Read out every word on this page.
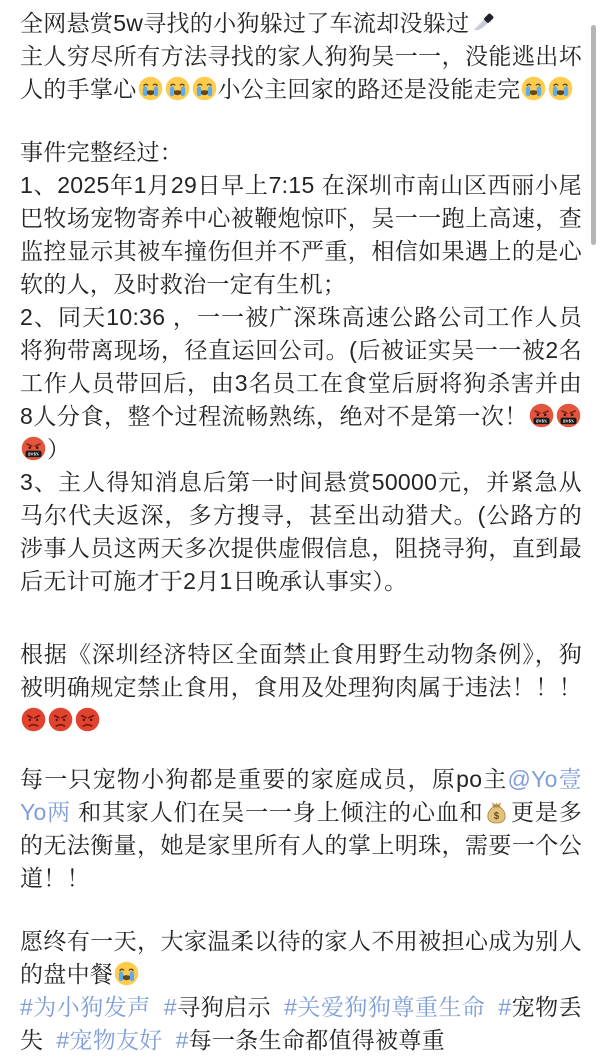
全网悬赏5w寻找的小狗躲过了车流却没躲过

主人穷尽所有方法寻找的家人狗狗吴一一，没能逃出坏人的手掌心	小公主回家的路还是没能走完

事件完整经过：
1、2025年1月29日早上7:15 在深圳市南山区西丽小尾巴牧场宠物寄养中心被鞭炮惊吓，吴一一跑上高速，查监控显示其被车撞伤但并不严重，相信如果遇上的是心软的人，及时救治一定有生机；
2、同天10:36 ，一一被广深珠高速公路公司工作人员将狗带离现场，径直运回公司。(后被证实吴一一被2名工作人员带回后，由3名员工在食堂后厨将狗杀害并由8人分食，整个过程流畅熟练，绝对不是第一次！ @#$%	@#$%
@#$% ）
3、主人得知消息后第一时间悬赏50000元，并紧急从马尔代夫返深，多方搜寻，甚至出动猎犬。(公路方的涉事人员这两天多次提供虚假信息，阻挠寻狗，直到最后无计可施才于2月1日晚承认事实）。

根据《深圳经济特区全面禁止食用野生动物条例》，狗被明确规定禁止食用，食用及处理狗肉属于违法！！！

每一只宠物小狗都是重要的家庭成员，原po主@Yo壹Yo两 和其家人们在吴一一身上倾注的心血和 $ 更是多的无法衡量，她是家里所有人的掌上明珠，需要一个公道！！

愿终有一天，大家温柔以待的家人不用被担心成为别人的盘中餐

#为小狗发声 #寻狗启示 #关爱狗狗尊重生命 #宠物丢失 #宠物友好 #每一条生命都值得被尊重
